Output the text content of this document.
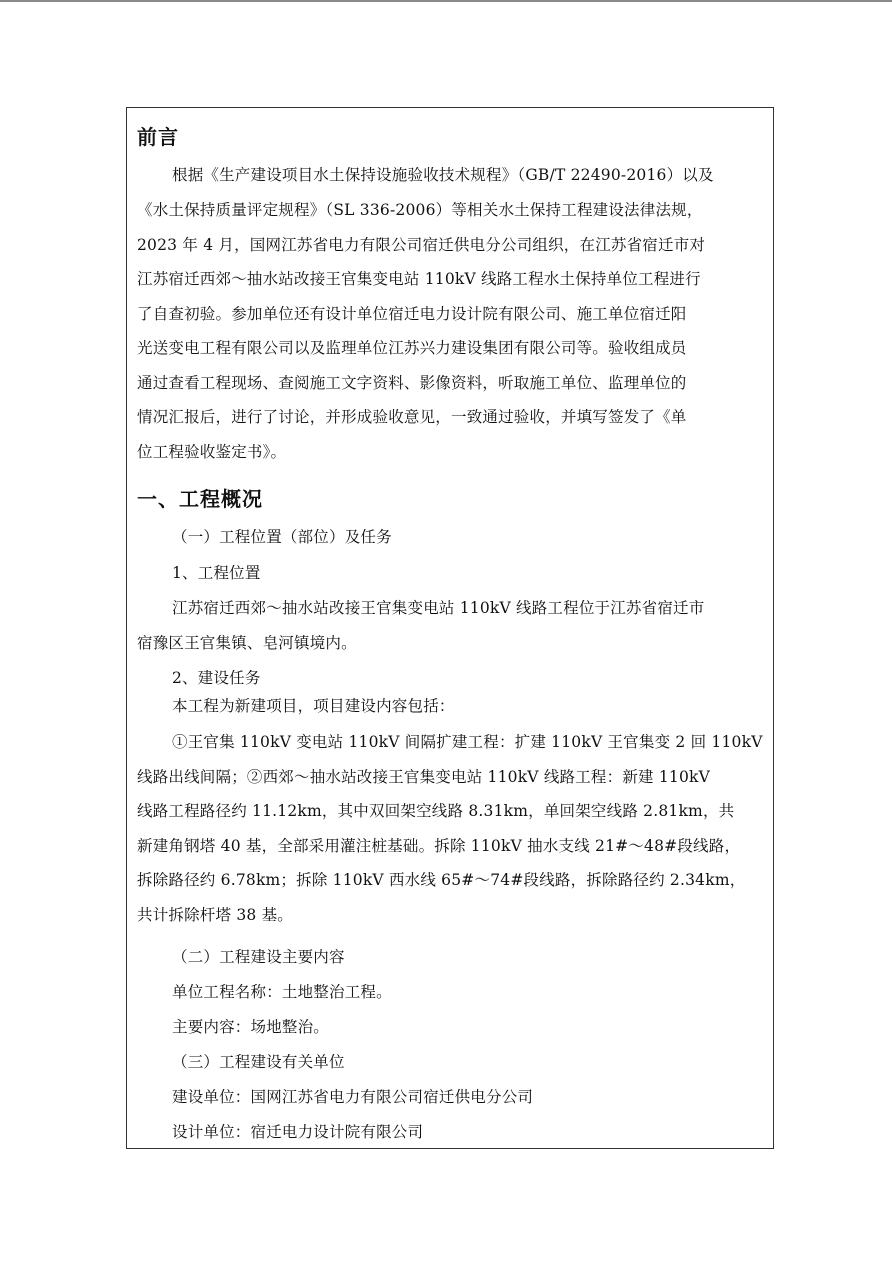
前言
根据《生产建设项目水土保持设施验收技术规程》（GB/T 22490-2016）以及
《水土保持质量评定规程》（SL 336-2006）等相关水土保持工程建设法律法规，
2023 年 4 月，国网江苏省电力有限公司宿迁供电分公司组织，在江苏省宿迁市对
江苏宿迁西郊～抽水站改接王官集变电站 110kV 线路工程水土保持单位工程进行
了自查初验。参加单位还有设计单位宿迁电力设计院有限公司、施工单位宿迁阳
光送变电工程有限公司以及监理单位江苏兴力建设集团有限公司等。验收组成员
通过查看工程现场、查阅施工文字资料、影像资料，听取施工单位、监理单位的
情况汇报后，进行了讨论，并形成验收意见，一致通过验收，并填写签发了《单
位工程验收鉴定书》。
一、工程概况
（一）工程位置（部位）及任务
1、工程位置
江苏宿迁西郊～抽水站改接王官集变电站 110kV 线路工程位于江苏省宿迁市
宿豫区王官集镇、皂河镇境内。
2、建设任务
本工程为新建项目，项目建设内容包括：
①王官集 110kV 变电站 110kV 间隔扩建工程：扩建 110kV 王官集变 2 回 110kV
线路出线间隔；②西郊～抽水站改接王官集变电站 110kV 线路工程：新建 110kV
线路工程路径约 11.12km，其中双回架空线路 8.31km，单回架空线路 2.81km，共
新建角钢塔 40 基，全部采用灌注桩基础。拆除 110kV 抽水支线 21#～48#段线路，
拆除路径约 6.78km；拆除 110kV 西水线 65#～74#段线路，拆除路径约 2.34km，
共计拆除杆塔 38 基。
（二）工程建设主要内容
单位工程名称：土地整治工程。
主要内容：场地整治。
（三）工程建设有关单位
建设单位：国网江苏省电力有限公司宿迁供电分公司
设计单位：宿迁电力设计院有限公司
